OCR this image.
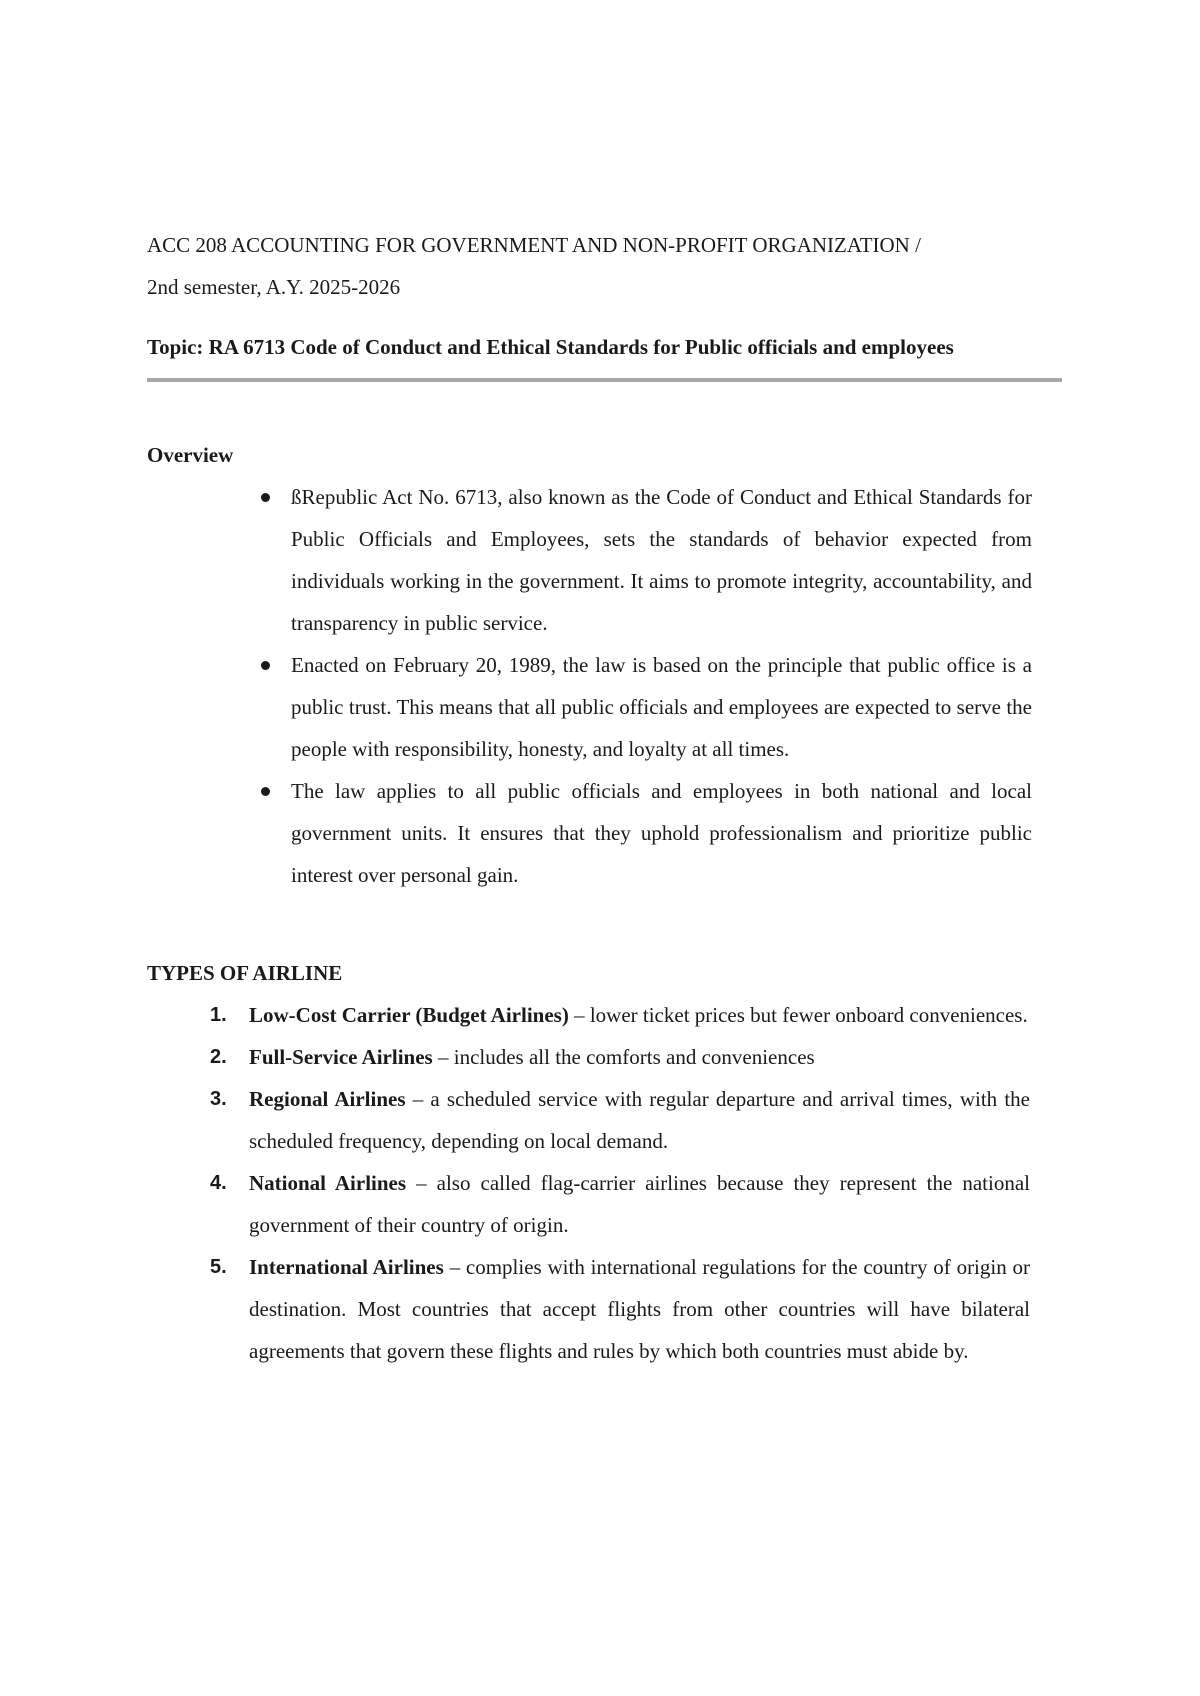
ACC 208 ACCOUNTING FOR GOVERNMENT AND NON-PROFIT ORGANIZATION /

2nd semester, A.Y. 2025-2026

Topic: RA 6713 Code of Conduct and Ethical Standards for Public officials and employees

Overview

ßRepublic Act No. 6713, also known as the Code of Conduct and Ethical Standards for Public Officials and Employees, sets the standards of behavior expected from individuals working in the government. It aims to promote integrity, accountability, and transparency in public service.
Enacted on February 20, 1989, the law is based on the principle that public office is a public trust. This means that all public officials and employees are expected to serve the people with responsibility, honesty, and loyalty at all times.
The law applies to all public officials and employees in both national and local government units. It ensures that they uphold professionalism and prioritize public interest over personal gain.

TYPES OF AIRLINE

1. Low-Cost Carrier (Budget Airlines) – lower ticket prices but fewer onboard conveniences.
2. Full-Service Airlines – includes all the comforts and conveniences
3. Regional Airlines – a scheduled service with regular departure and arrival times, with the scheduled frequency, depending on local demand.
4. National Airlines – also called flag-carrier airlines because they represent the national government of their country of origin.
5. International Airlines – complies with international regulations for the country of origin or destination. Most countries that accept flights from other countries will have bilateral agreements that govern these flights and rules by which both countries must abide by.
